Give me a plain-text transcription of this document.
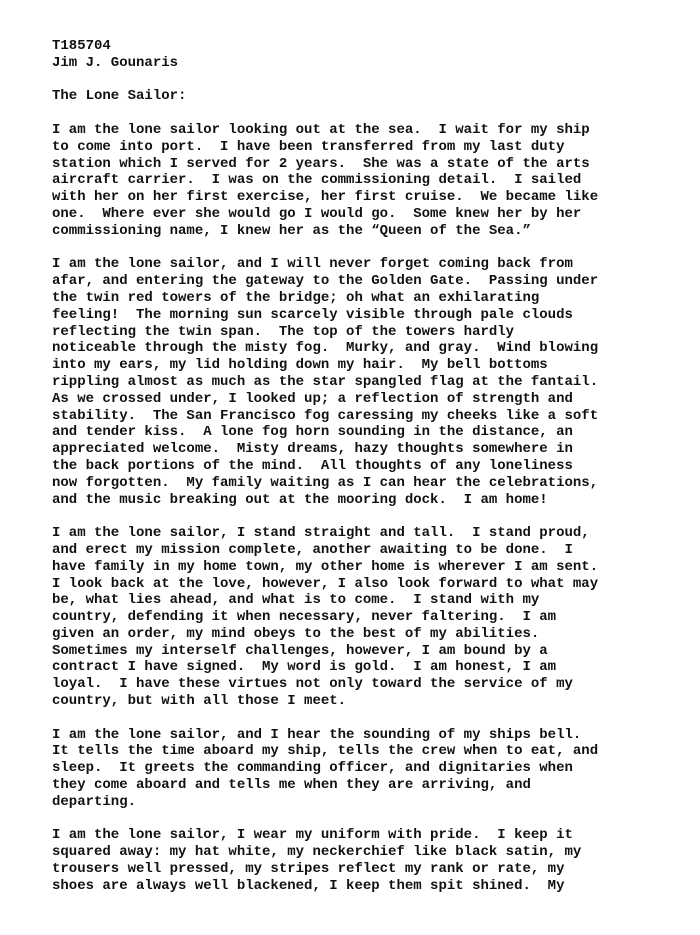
T185704
Jim J. Gounaris
The Lone Sailor:
I am the lone sailor looking out at the sea.  I wait for my ship
to come into port.  I have been transferred from my last duty
station which I served for 2 years.  She was a state of the arts
aircraft carrier.  I was on the commissioning detail.  I sailed
with her on her first exercise, her first cruise.  We became like
one.  Where ever she would go I would go.  Some knew her by her
commissioning name, I knew her as the “Queen of the Sea.”
I am the lone sailor, and I will never forget coming back from
afar, and entering the gateway to the Golden Gate.  Passing under
the twin red towers of the bridge; oh what an exhilarating
feeling!  The morning sun scarcely visible through pale clouds
reflecting the twin span.  The top of the towers hardly
noticeable through the misty fog.  Murky, and gray.  Wind blowing
into my ears, my lid holding down my hair.  My bell bottoms
rippling almost as much as the star spangled flag at the fantail.
As we crossed under, I looked up; a reflection of strength and
stability.  The San Francisco fog caressing my cheeks like a soft
and tender kiss.  A lone fog horn sounding in the distance, an
appreciated welcome.  Misty dreams, hazy thoughts somewhere in
the back portions of the mind.  All thoughts of any loneliness
now forgotten.  My family waiting as I can hear the celebrations,
and the music breaking out at the mooring dock.  I am home!
I am the lone sailor, I stand straight and tall.  I stand proud,
and erect my mission complete, another awaiting to be done.  I
have family in my home town, my other home is wherever I am sent.
I look back at the love, however, I also look forward to what may
be, what lies ahead, and what is to come.  I stand with my
country, defending it when necessary, never faltering.  I am
given an order, my mind obeys to the best of my abilities.
Sometimes my interself challenges, however, I am bound by a
contract I have signed.  My word is gold.  I am honest, I am
loyal.  I have these virtues not only toward the service of my
country, but with all those I meet.
I am the lone sailor, and I hear the sounding of my ships bell.
It tells the time aboard my ship, tells the crew when to eat, and
sleep.  It greets the commanding officer, and dignitaries when
they come aboard and tells me when they are arriving, and
departing.
I am the lone sailor, I wear my uniform with pride.  I keep it
squared away: my hat white, my neckerchief like black satin, my
trousers well pressed, my stripes reflect my rank or rate, my
shoes are always well blackened, I keep them spit shined.  My
